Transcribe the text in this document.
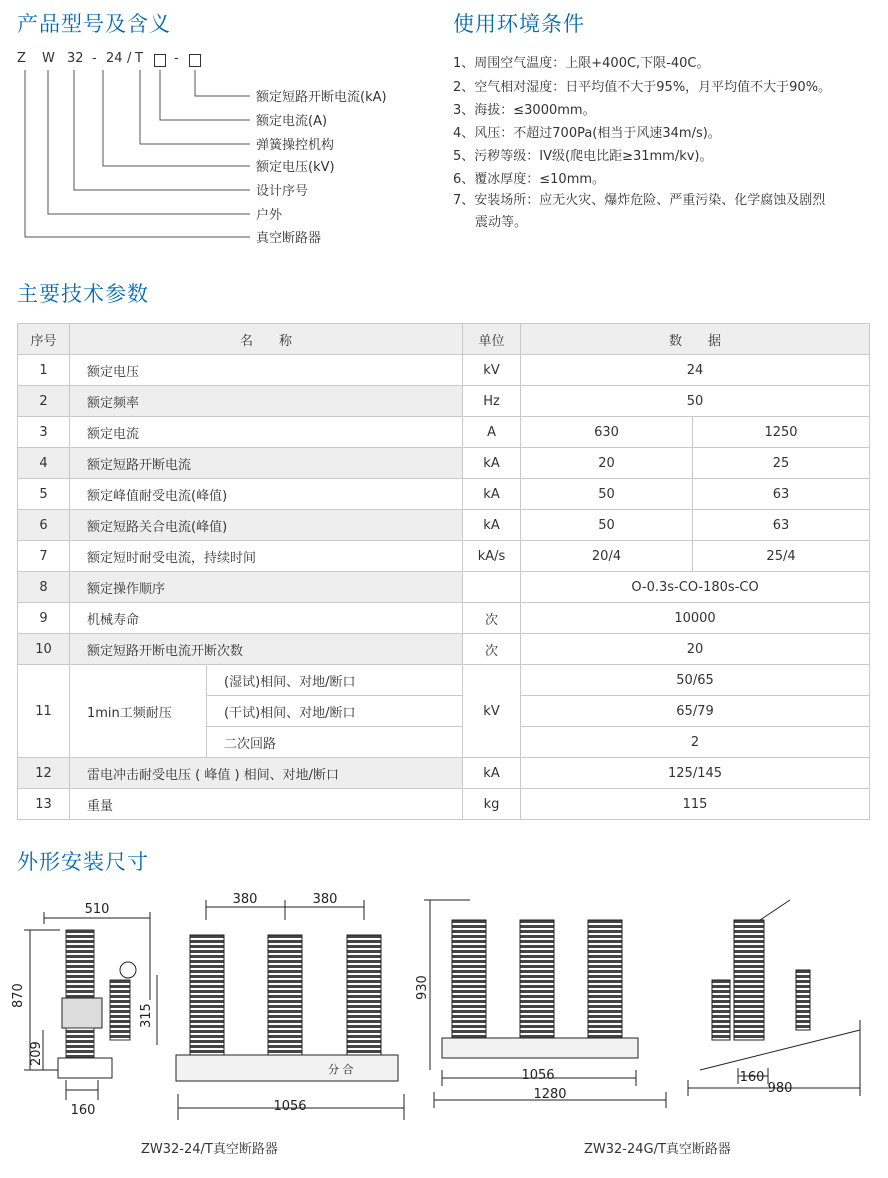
产品型号及含义	使用环境条件
主要技术参数
外形安装尺寸
Z W 32 - 24 / T -
额定短路开断电流(kA)
额定电流(A)
弹簧操控机构
额定电压(kV)
设计序号
户外
真空断路器
1、周围空气温度：上限+400C,下限-40C。
2、空气相对湿度：日平均值不大于95%，月平均值不大于90%。
3、海拔：≤3000mm。
4、风压：不超过700Pa(相当于风速34m/s)。
5、污秽等级：IV级(爬电比距≥31mm/kv)。
6、覆冰厚度：≤10mm。
7、安装场所：应无火灾、爆炸危险、严重污染、化学腐蚀及剧烈
震动等。
序号	名　　称		单位	数　　据	
1	额定电压		kV	24	
2	额定频率		Hz	50	
3	额定电流		A	630	1250
4	额定短路开断电流		kA	20	25
5	额定峰值耐受电流(峰值)		kA	50	63
6	额定短路关合电流(峰值)		kA	50	63
7	额定短时耐受电流，持续时间		kA/s	20/4	25/4
8	额定操作顺序			O-0.3s-CO-180s-CO	
9	机械寿命		次	10000	
10	额定短路开断电流开断次数		次	20	
11	1min工频耐压	(湿试)相间、对地/断口	kV	50/65	
		(干试)相间、对地/断口		65/79	
		二次回路		2	
12	雷电冲击耐受电压 ( 峰值 ) 相间、对地/断口		kA	125/145	
13	重量		kg	115	
510
870
315
209
160
380	380
分 合
1056
930
1056
1280
160
980
ZW32-24/T真空断路器	ZW32-24G/T真空断路器
